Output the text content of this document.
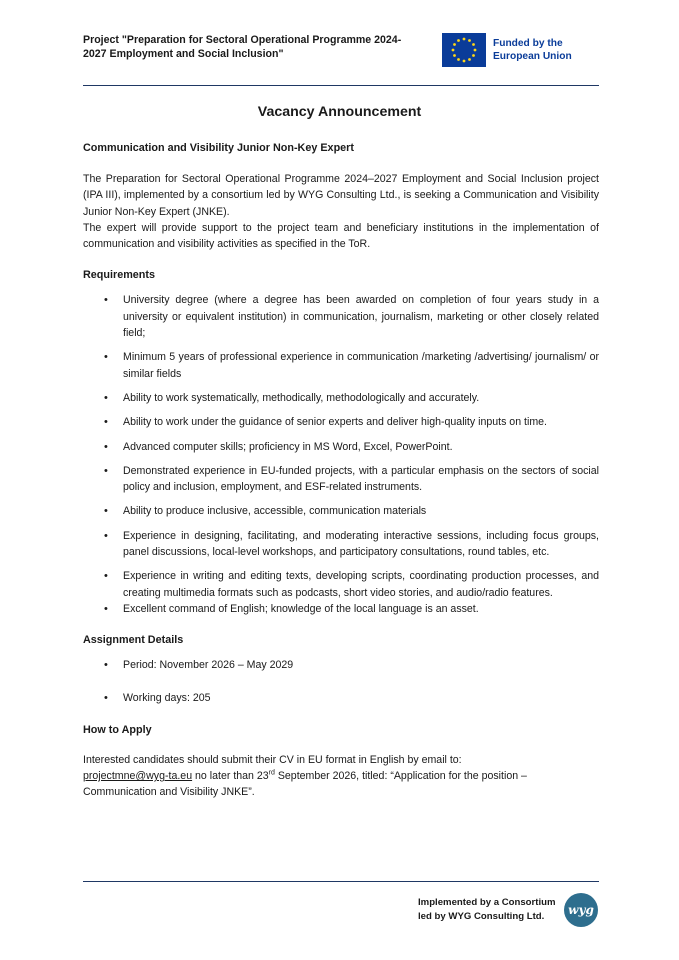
Project "Preparation for Sectoral Operational Programme 2024-2027 Employment and Social Inclusion"
Funded by the European Union
Vacancy Announcement
Communication and Visibility Junior Non-Key Expert

The Preparation for Sectoral Operational Programme 2024–2027 Employment and Social Inclusion project (IPA III), implemented by a consortium led by WYG Consulting Ltd., is seeking a Communication and Visibility Junior Non-Key Expert (JNKE).

The expert will provide support to the project team and beneficiary institutions in the implementation of communication and visibility activities as specified in the ToR.

Requirements
• University degree (where a degree has been awarded on completion of four years study in a university or equivalent institution) in communication, journalism, marketing or other closely related field;
• Minimum 5 years of professional experience in communication /marketing /advertising/ journalism/ or similar fields
• Ability to work systematically, methodically, methodologically and accurately.
• Ability to work under the guidance of senior experts and deliver high-quality inputs on time.
• Advanced computer skills; proficiency in MS Word, Excel, PowerPoint.
• Demonstrated experience in EU-funded projects, with a particular emphasis on the sectors of social policy and inclusion, employment, and ESF-related instruments.
• Ability to produce inclusive, accessible, communication materials
• Experience in designing, facilitating, and moderating interactive sessions, including focus groups, panel discussions, local-level workshops, and participatory consultations, round tables, etc.
• Experience in writing and editing texts, developing scripts, coordinating production processes, and creating multimedia formats such as podcasts, short video stories, and audio/radio features.
• Excellent command of English; knowledge of the local language is an asset.
Assignment Details
• Period: November 2026 – May 2029
• Working days: 205
How to Apply

Interested candidates should submit their CV in EU format in English by email to:
projectmne@wyg-ta.eu no later than 23rd September 2026, titled: “Application for the position – Communication and Visibility JNKE”.

Implemented by a Consortium led by WYG Consulting Ltd.	wyg
